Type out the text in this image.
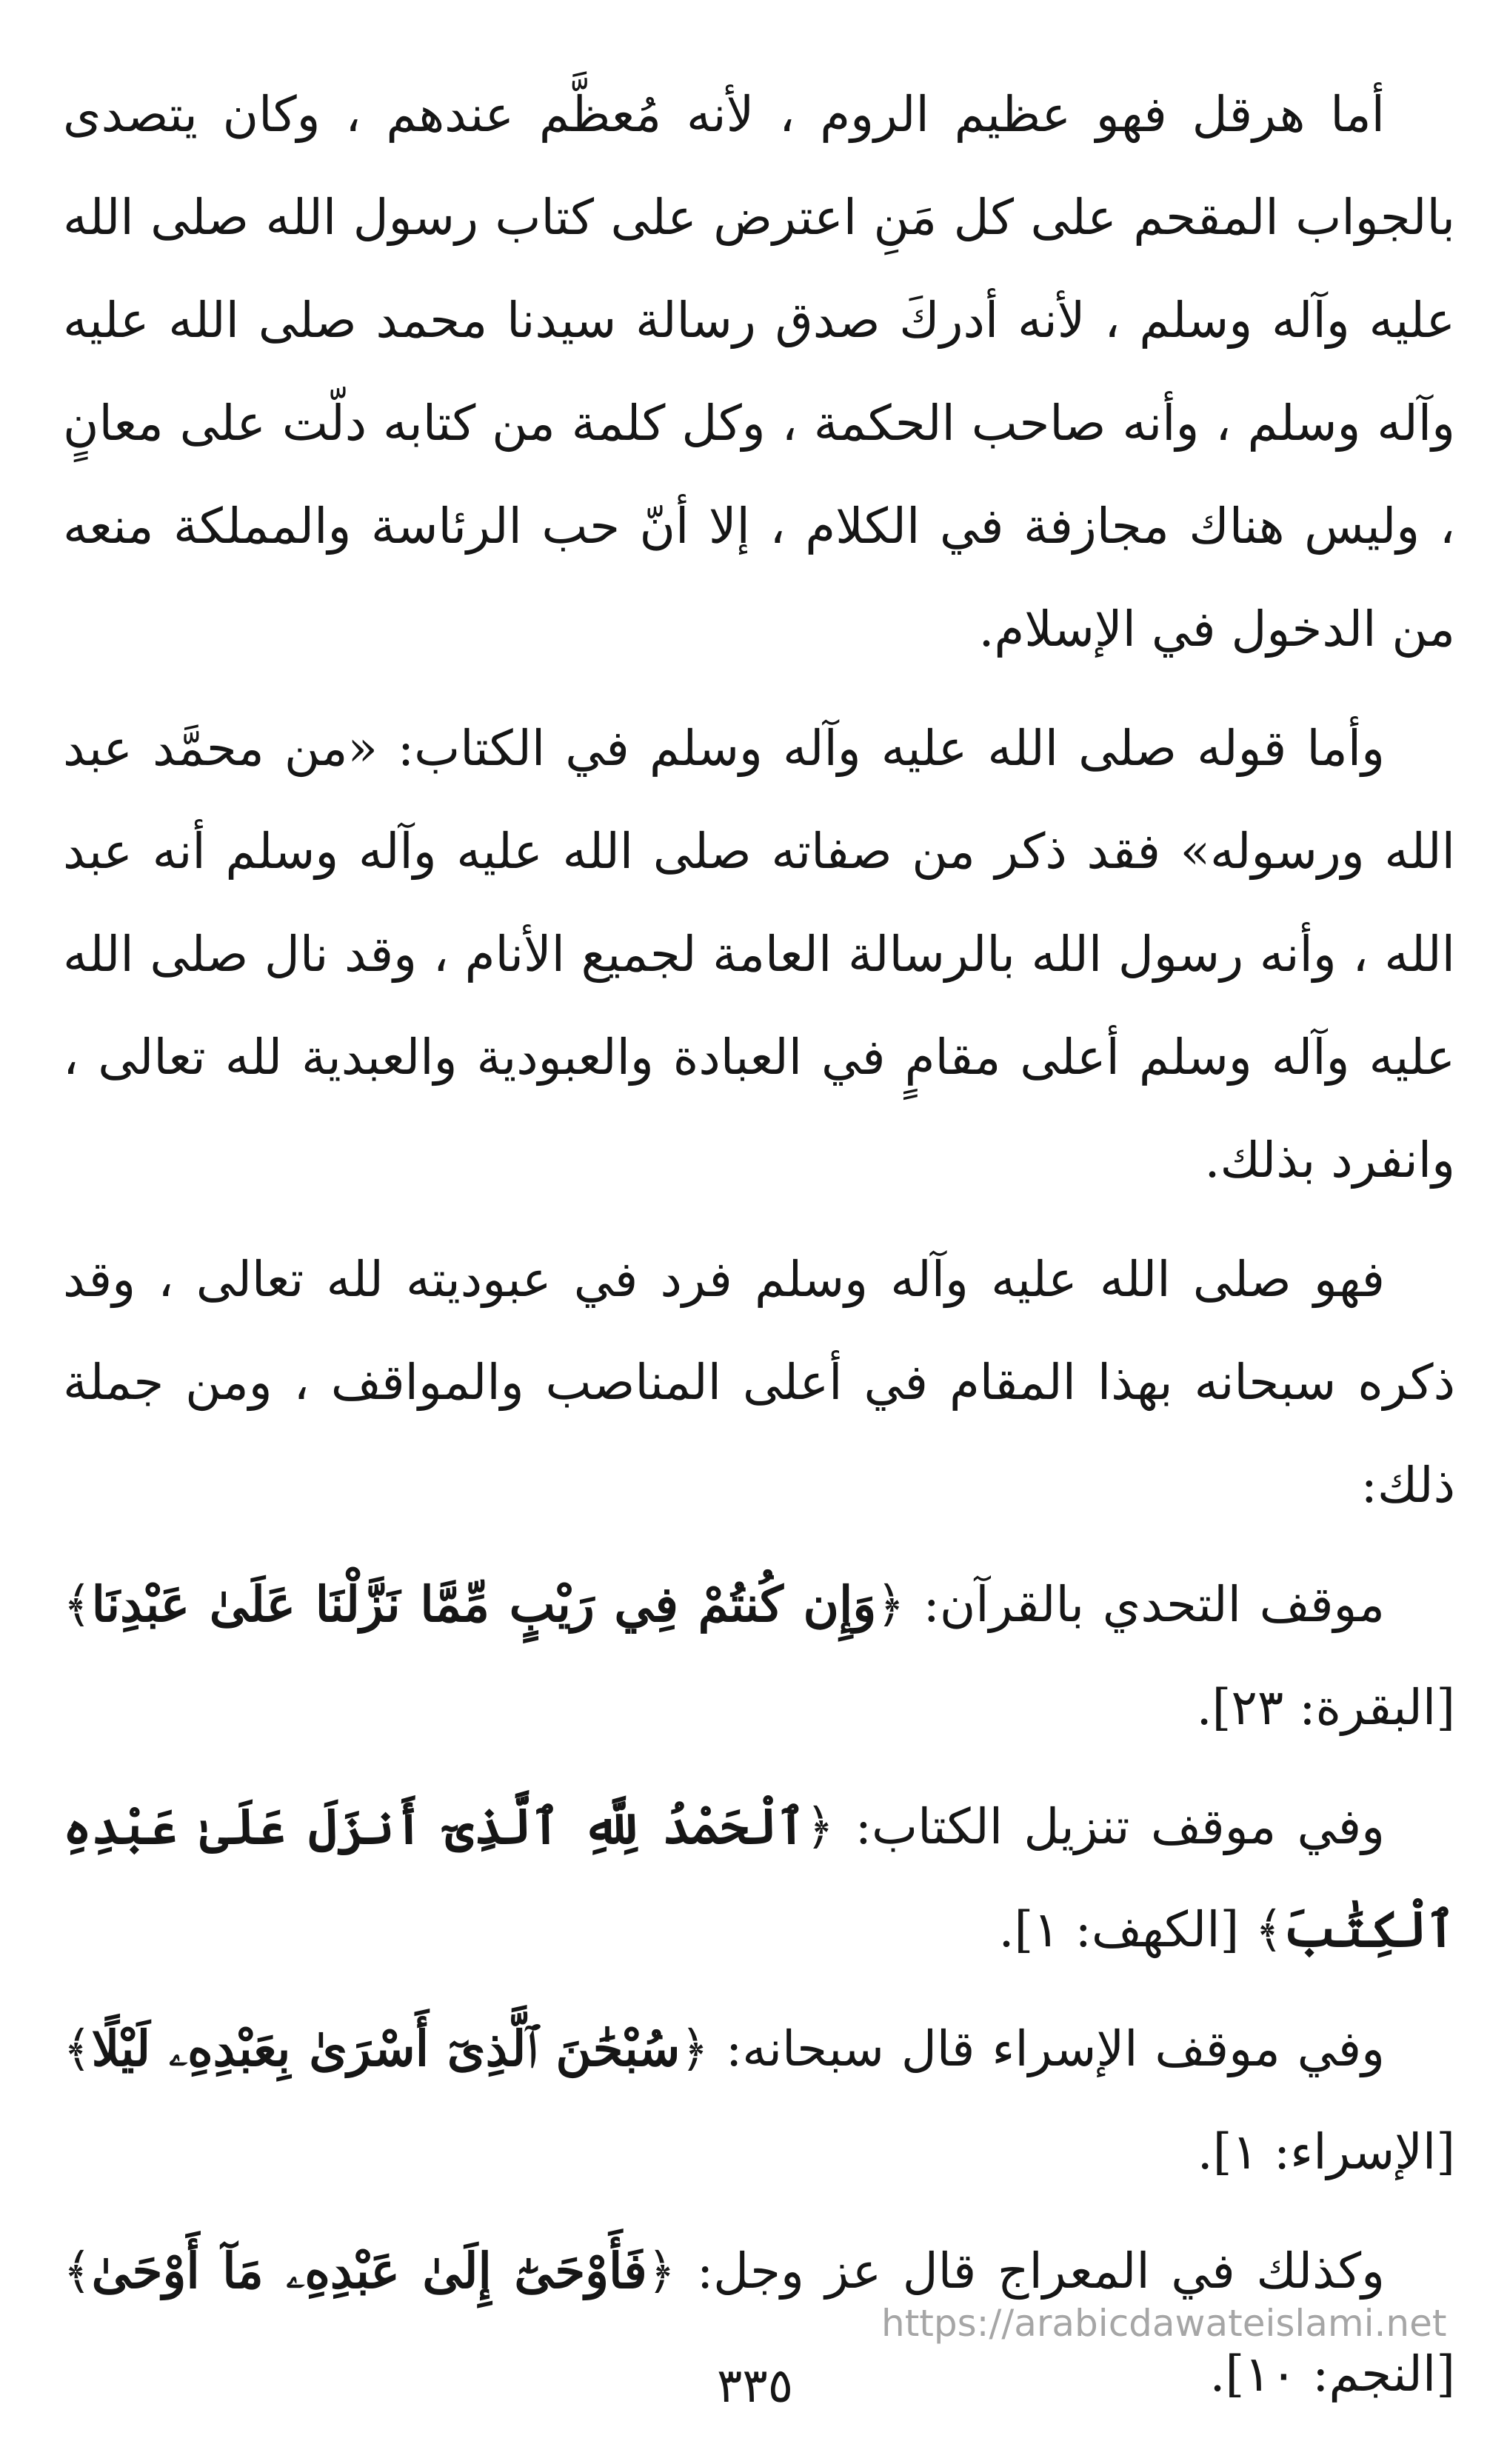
أما هرقل فهو عظيم الروم ، لأنه مُعظَّم عندهم ، وكان يتصدى بالجواب المقحم على كل مَنِ اعترض على كتاب رسول الله صلى الله عليه وآله وسلم ، لأنه أدركَ صدق رسالة سيدنا محمد صلى الله عليه وآله وسلم ، وأنه صاحب الحكمة ، وكل كلمة من كتابه دلّت على معانٍ ، وليس هناك مجازفة في الكلام ، إلا أنّ حب الرئاسة والمملكة منعه من الدخول في الإسلام.

وأما قوله صلى الله عليه وآله وسلم في الكتاب: «من محمَّد عبد الله ورسوله» فقد ذكر من صفاته صلى الله عليه وآله وسلم أنه عبد الله ، وأنه رسول الله بالرسالة العامة لجميع الأنام ، وقد نال صلى الله عليه وآله وسلم أعلى مقامٍ في العبادة والعبودية والعبدية لله تعالى ، وانفرد بذلك.

فهو صلى الله عليه وآله وسلم فرد في عبوديته لله تعالى ، وقد ذكره سبحانه بهذا المقام في أعلى المناصب والمواقف ، ومن جملة ذلك:

موقف التحدي بالقرآن: ﴿وَإِن كُنتُمْ فِي رَيْبٍ مِّمَّا نَزَّلْنَا عَلَىٰ عَبْدِنَا﴾ [البقرة: ٢٣].

وفي موقف تنزيل الكتاب: ﴿ٱلْحَمْدُ لِلَّهِ ٱلَّذِىٓ أَنزَلَ عَلَىٰ عَبْدِهِ ٱلْكِتَٰبَ﴾ [الكهف: ١].

وفي موقف الإسراء قال سبحانه: ﴿سُبْحَٰنَ ٱلَّذِىٓ أَسْرَىٰ بِعَبْدِهِۦ لَيْلًا﴾ [الإسراء: ١].

وكذلك في المعراج قال عز وجل: ﴿فَأَوْحَىٰٓ إِلَىٰ عَبْدِهِۦ مَآ أَوْحَىٰ﴾ [النجم: ١٠].

https://arabicdawateislami.net
٣٣٥
